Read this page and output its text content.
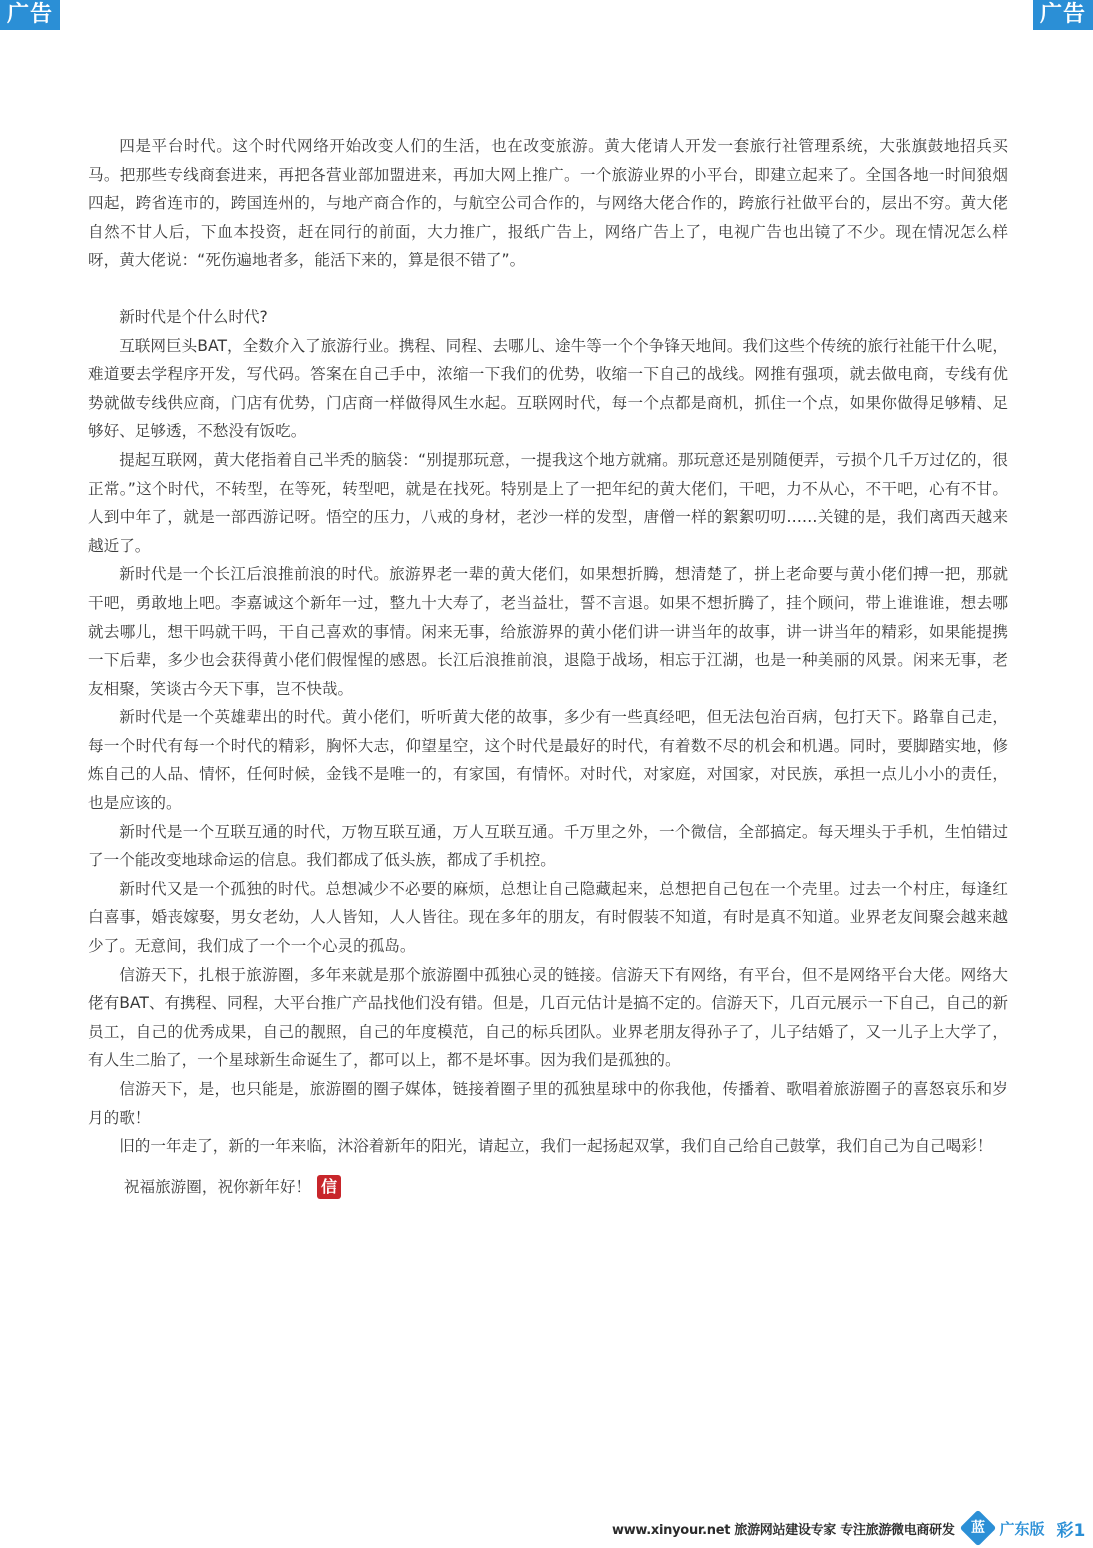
广告	广告

四是平台时代。这个时代网络开始改变人们的生活，也在改变旅游。黄大佬请人开发一套旅行社管理系统，大张旗鼓地招兵买马。把那些专线商套进来，再把各营业部加盟进来，再加大网上推广。一个旅游业界的小平台，即建立起来了。全国各地一时间狼烟四起，跨省连市的，跨国连州的，与地产商合作的，与航空公司合作的，与网络大佬合作的，跨旅行社做平台的，层出不穷。黄大佬自然不甘人后，下血本投资，赶在同行的前面，大力推广，报纸广告上，网络广告上了，电视广告也出镜了不少。现在情况怎么样呀，黄大佬说：“死伤遍地者多，能活下来的，算是很不错了”。

新时代是个什么时代?

互联网巨头BAT，全数介入了旅游行业。携程、同程、去哪儿、途牛等一个个争锋天地间。我们这些个传统的旅行社能干什么呢，难道要去学程序开发，写代码。答案在自己手中，浓缩一下我们的优势，收缩一下自己的战线。网推有强项，就去做电商，专线有优势就做专线供应商，门店有优势，门店商一样做得风生水起。互联网时代，每一个点都是商机，抓住一个点，如果你做得足够精、足够好、足够透，不愁没有饭吃。

提起互联网，黄大佬指着自己半秃的脑袋：“别提那玩意，一提我这个地方就痛。那玩意还是别随便弄，亏损个几千万过亿的，很正常。”这个时代，不转型，在等死，转型吧，就是在找死。特别是上了一把年纪的黄大佬们，干吧，力不从心，不干吧，心有不甘。人到中年了，就是一部西游记呀。悟空的压力，八戒的身材，老沙一样的发型，唐僧一样的絮絮叨叨……关键的是，我们离西天越来越近了。

新时代是一个长江后浪推前浪的时代。旅游界老一辈的黄大佬们，如果想折腾，想清楚了，拼上老命要与黄小佬们搏一把，那就干吧，勇敢地上吧。李嘉诚这个新年一过，整九十大寿了，老当益壮，誓不言退。如果不想折腾了，挂个顾问，带上谁谁谁，想去哪就去哪儿，想干吗就干吗，干自己喜欢的事情。闲来无事，给旅游界的黄小佬们讲一讲当年的故事，讲一讲当年的精彩，如果能提携一下后辈，多少也会获得黄小佬们假惺惺的感恩。长江后浪推前浪，退隐于战场，相忘于江湖，也是一种美丽的风景。闲来无事，老友相聚，笑谈古今天下事，岂不快哉。

新时代是一个英雄辈出的时代。黄小佬们，听听黄大佬的故事，多少有一些真经吧，但无法包治百病，包打天下。路靠自己走，每一个时代有每一个时代的精彩，胸怀大志，仰望星空，这个时代是最好的时代，有着数不尽的机会和机遇。同时，要脚踏实地，修炼自己的人品、情怀，任何时候，金钱不是唯一的，有家国，有情怀。对时代，对家庭，对国家，对民族，承担一点儿小小的责任，也是应该的。

新时代是一个互联互通的时代，万物互联互通，万人互联互通。千万里之外，一个微信，全部搞定。每天埋头于手机，生怕错过了一个能改变地球命运的信息。我们都成了低头族，都成了手机控。

新时代又是一个孤独的时代。总想减少不必要的麻烦，总想让自己隐藏起来，总想把自己包在一个壳里。过去一个村庄，每逢红白喜事，婚丧嫁娶，男女老幼，人人皆知，人人皆往。现在多年的朋友，有时假装不知道，有时是真不知道。业界老友间聚会越来越少了。无意间，我们成了一个一个心灵的孤岛。

信游天下，扎根于旅游圈，多年来就是那个旅游圈中孤独心灵的链接。信游天下有网络，有平台，但不是网络平台大佬。网络大佬有BAT、有携程、同程，大平台推广产品找他们没有错。但是，几百元估计是搞不定的。信游天下，几百元展示一下自己，自己的新员工，自己的优秀成果，自己的靓照，自己的年度模范，自己的标兵团队。业界老朋友得孙子了，儿子结婚了，又一儿子上大学了，有人生二胎了，一个星球新生命诞生了，都可以上，都不是坏事。因为我们是孤独的。

信游天下，是，也只能是，旅游圈的圈子媒体，链接着圈子里的孤独星球中的你我他，传播着、歌唱着旅游圈子的喜怒哀乐和岁月的歌！

旧的一年走了，新的一年来临，沐浴着新年的阳光，请起立，我们一起扬起双掌，我们自己给自己鼓掌，我们自己为自己喝彩！

祝福旅游圈，祝你新年好！ 信
www.xinyour.net 旅游网站建设专家 专注旅游微电商研发	蓝	广东版 彩1
